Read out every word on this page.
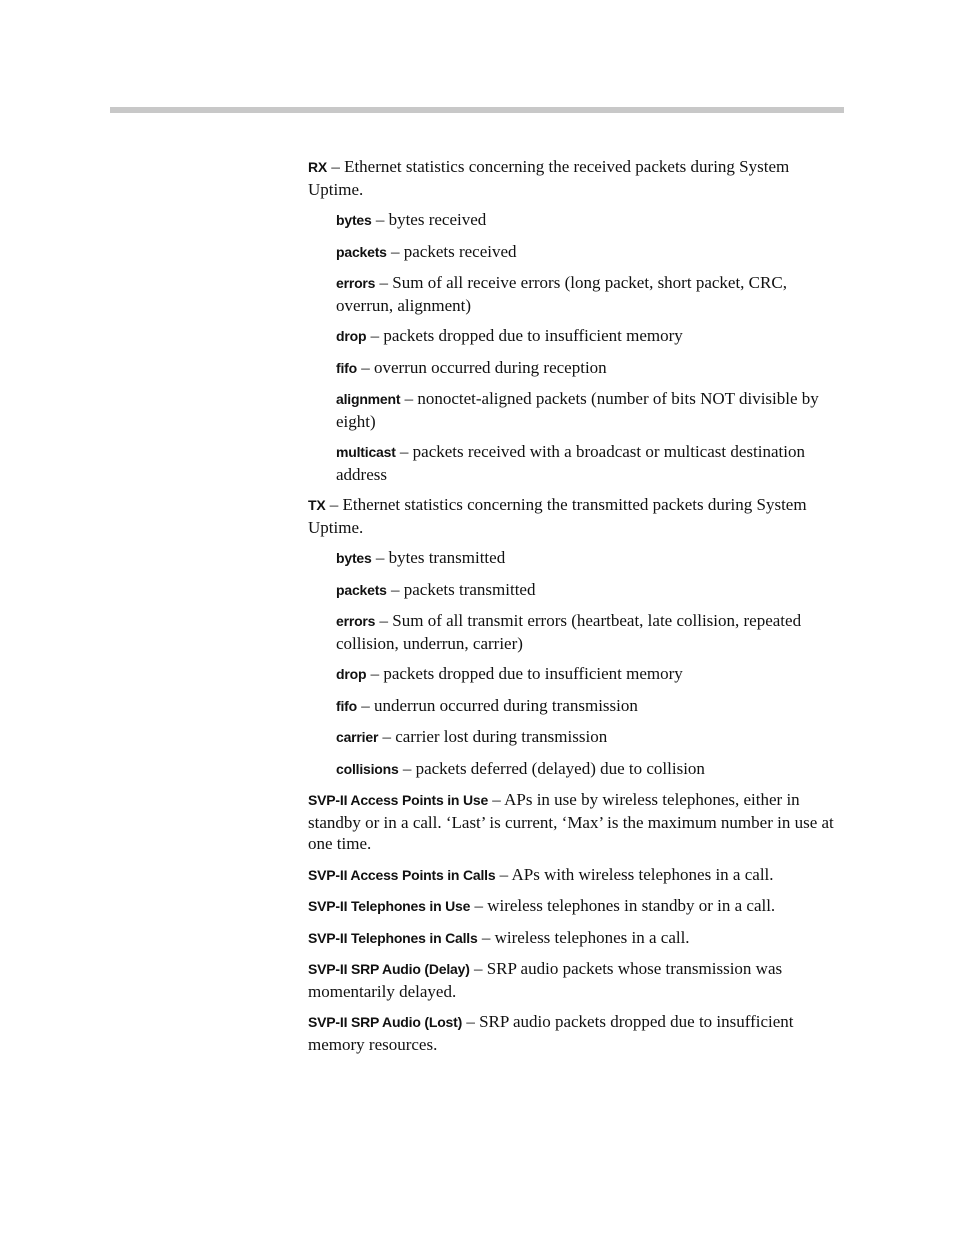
RX – Ethernet statistics concerning the received packets during System Uptime.

bytes – bytes received

packets – packets received

errors – Sum of all receive errors (long packet, short packet, CRC, overrun, alignment)

drop – packets dropped due to insufficient memory

fifo – overrun occurred during reception

alignment – nonoctet-aligned packets (number of bits NOT divisible by eight)

multicast – packets received with a broadcast or multicast destination address

TX – Ethernet statistics concerning the transmitted packets during System Uptime.

bytes – bytes transmitted

packets – packets transmitted

errors – Sum of all transmit errors (heartbeat, late collision, repeated collision, underrun, carrier)

drop – packets dropped due to insufficient memory

fifo – underrun occurred during transmission

carrier – carrier lost during transmission

collisions – packets deferred (delayed) due to collision

SVP-II Access Points in Use – APs in use by wireless telephones, either in standby or in a call. ‘Last’ is current, ‘Max’ is the maximum number in use at one time.

SVP-II Access Points in Calls – APs with wireless telephones in a call.

SVP-II Telephones in Use – wireless telephones in standby or in a call.

SVP-II Telephones in Calls – wireless telephones in a call.

SVP-II SRP Audio (Delay) – SRP audio packets whose transmission was momentarily delayed.

SVP-II SRP Audio (Lost) – SRP audio packets dropped due to insufficient memory resources.
